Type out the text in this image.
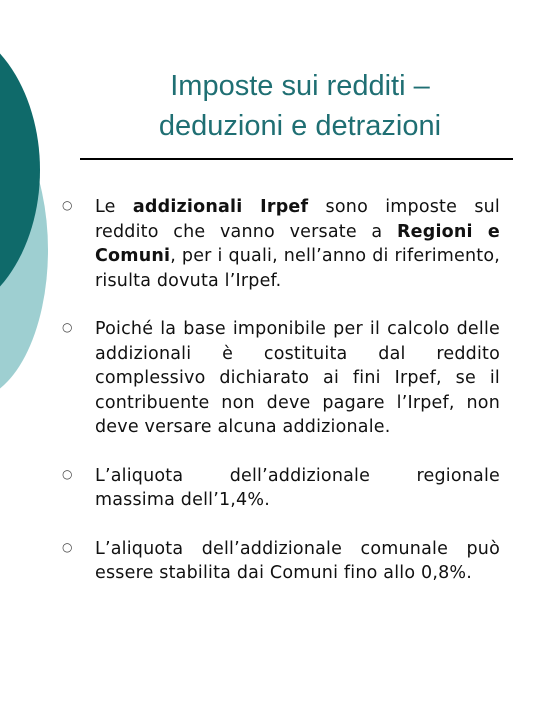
Imposte sui redditi –
deduzioni e detrazioni
○ Le addizionali Irpef sono imposte sul reddito che vanno versate a Regioni e Comuni, per i quali, nell’anno di riferimento, risulta dovuta l’Irpef.
○ Poiché la base imponibile per il calcolo delle addizionali è costituita dal reddito complessivo dichiarato ai fini Irpef, se il contribuente non deve pagare l’Irpef, non deve versare alcuna addizionale.
○ L’aliquota dell’addizionale regionale massima dell’1,4%.
○ L’aliquota dell’addizionale comunale può essere stabilita dai Comuni fino allo 0,8%.
